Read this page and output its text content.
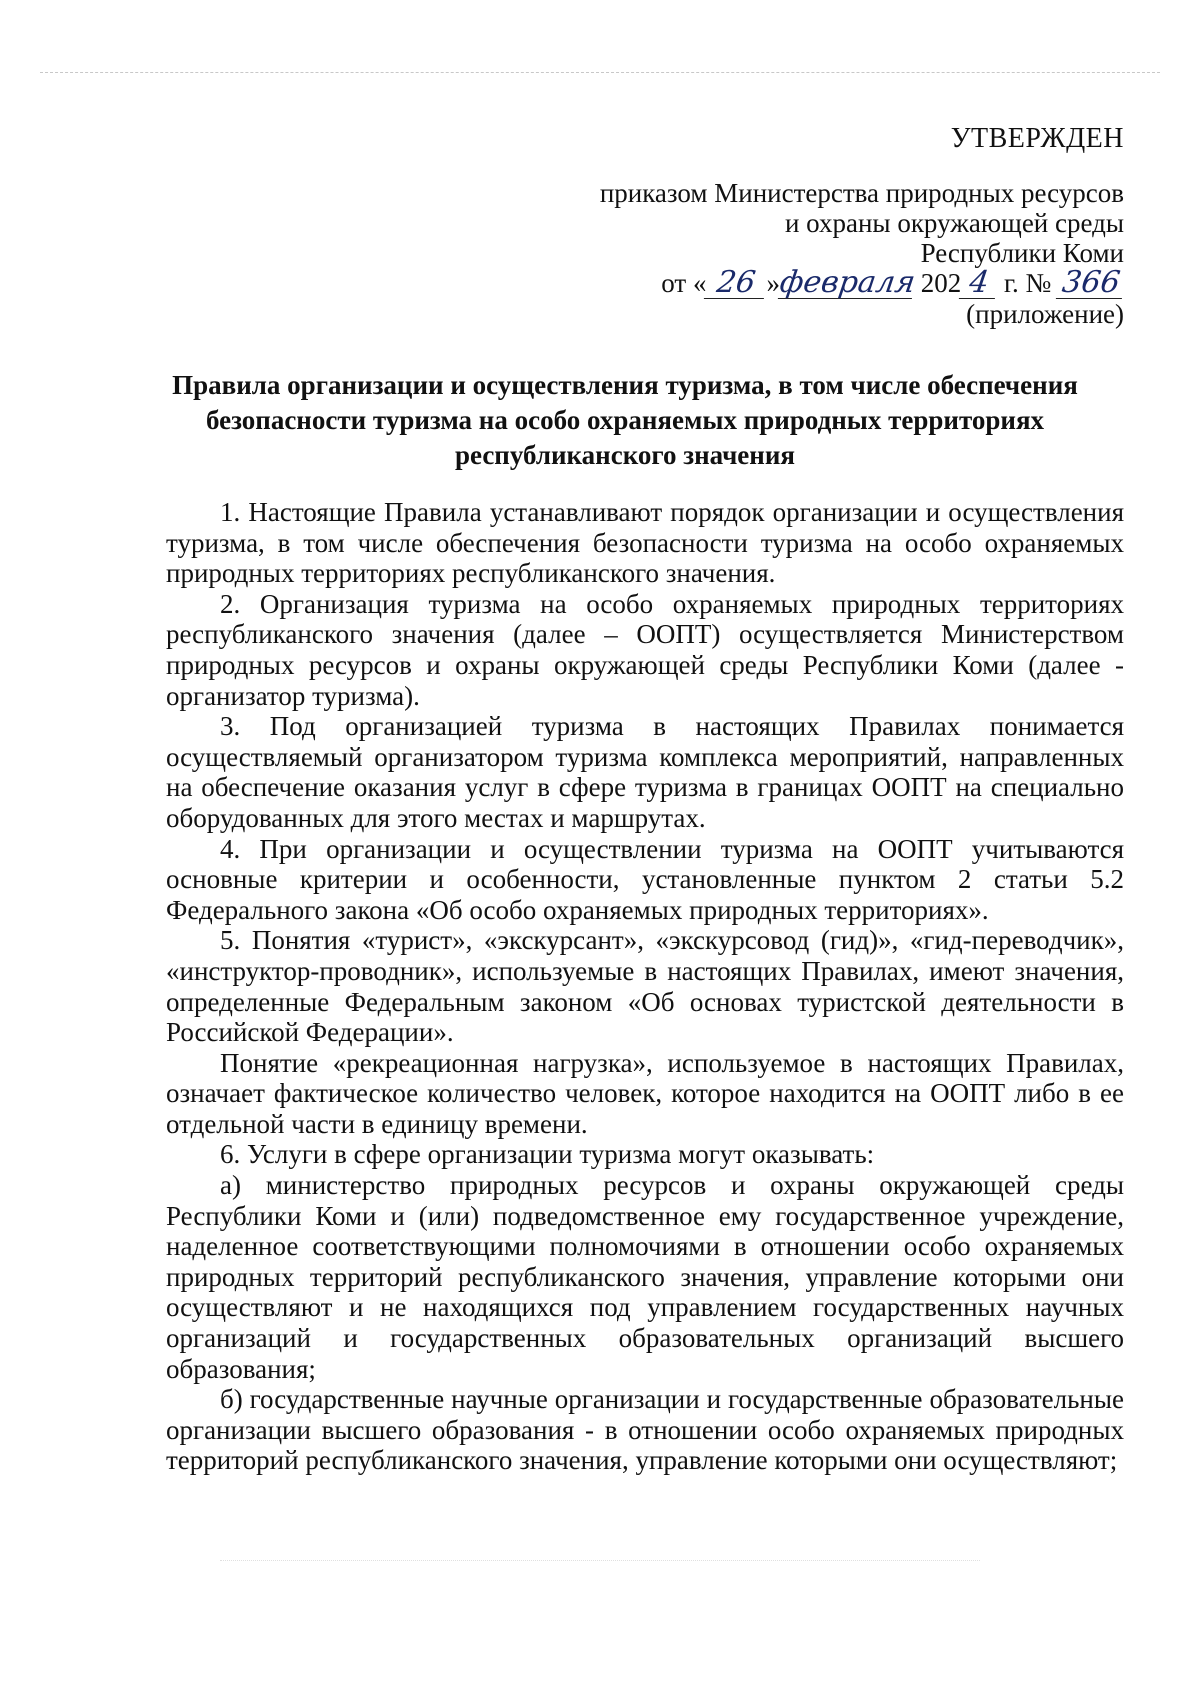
УТВЕРЖДЕН
приказом Министерства природных ресурсов
и охраны окружающей среды
Республики Коми
от « 26 »февраля 202 4 г. № 366
(приложение)
Правила организации и осуществления туризма, в том числе обеспечения безопасности туризма на особо охраняемых природных территориях республиканского значения

1. Настоящие Правила устанавливают порядок организации и осуществления туризма, в том числе обеспечения безопасности туризма на особо охраняемых природных территориях республиканского значения.

2. Организация туризма на особо охраняемых природных территориях республиканского значения (далее – ООПТ) осуществляется Министерством природных ресурсов и охраны окружающей среды Республики Коми (далее - организатор туризма).

3. Под организацией туризма в настоящих Правилах понимается осуществляемый организатором туризма комплекса мероприятий, направленных на обеспечение оказания услуг в сфере туризма в границах ООПТ на специально оборудованных для этого местах и маршрутах.

4. При организации и осуществлении туризма на ООПТ учитываются основные критерии и особенности, установленные пунктом 2 статьи 5.2 Федерального закона «Об особо охраняемых природных территориях».

5. Понятия «турист», «экскурсант», «экскурсовод (гид)», «гид-переводчик», «инструктор-проводник», используемые в настоящих Правилах, имеют значения, определенные Федеральным законом «Об основах туристской деятельности в Российской Федерации».

Понятие «рекреационная нагрузка», используемое в настоящих Правилах, означает фактическое количество человек, которое находится на ООПТ либо в ее отдельной части в единицу времени.

6. Услуги в сфере организации туризма могут оказывать:

а) министерство природных ресурсов и охраны окружающей среды Республики Коми и (или) подведомственное ему государственное учреждение, наделенное соответствующими полномочиями в отношении особо охраняемых природных территорий республиканского значения, управление которыми они осуществляют и не находящихся под управлением государственных научных организаций и государственных образовательных организаций высшего образования;

б) государственные научные организации и государственные образовательные организации высшего образования - в отношении особо охраняемых природных территорий республиканского значения, управление которыми они осуществляют;
